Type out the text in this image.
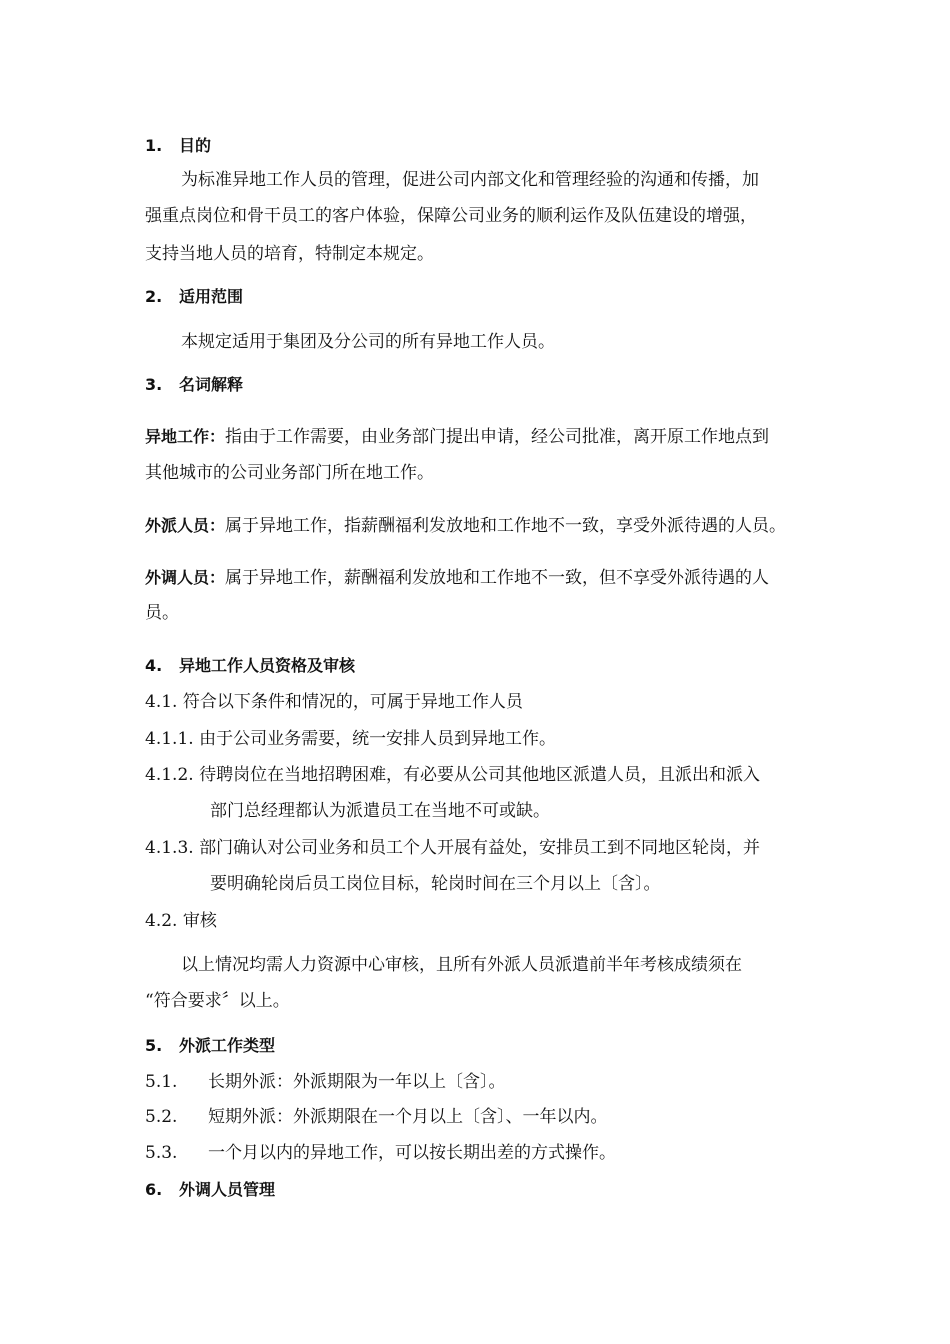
1. 目的
为标准异地工作人员的管理，促进公司内部文化和管理经验的沟通和传播，加
强重点岗位和骨干员工的客户体验，保障公司业务的顺利运作及队伍建设的增强，
支持当地人员的培育，特制定本规定。
2. 适用范围
本规定适用于集团及分公司的所有异地工作人员。
3. 名词解释
异地工作：指由于工作需要，由业务部门提出申请，经公司批准，离开原工作地点到
其他城市的公司业务部门所在地工作。
外派人员：属于异地工作，指薪酬福利发放地和工作地不一致，享受外派待遇的人员。
外调人员：属于异地工作，薪酬福利发放地和工作地不一致，但不享受外派待遇的人
员。
4. 异地工作人员资格及审核
4.1. 符合以下条件和情况的，可属于异地工作人员
4.1.1. 由于公司业务需要，统一安排人员到异地工作。
4.1.2. 待聘岗位在当地招聘困难，有必要从公司其他地区派遣人员，且派出和派入
部门总经理都认为派遣员工在当地不可或缺。
4.1.3. 部门确认对公司业务和员工个人开展有益处，安排员工到不同地区轮岗，并
要明确轮岗后员工岗位目标，轮岗时间在三个月以上〔含〕。
4.2. 审核
以上情况均需人力资源中心审核，且所有外派人员派遣前半年考核成绩须在
“符合要求〞以上。
5. 外派工作类型
5.1. 长期外派：外派期限为一年以上〔含〕。
5.2. 短期外派：外派期限在一个月以上〔含〕、一年以内。
5.3. 一个月以内的异地工作，可以按长期出差的方式操作。
6. 外调人员管理
